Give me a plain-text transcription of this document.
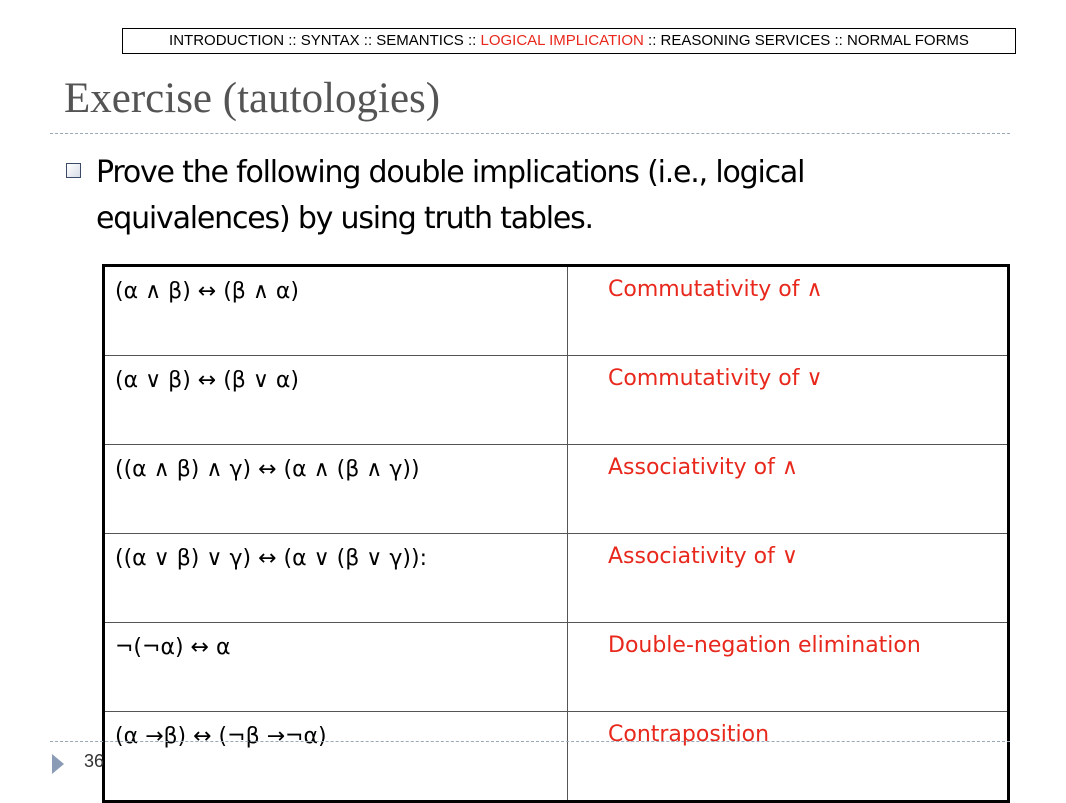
INTRODUCTION :: SYNTAX :: SEMANTICS :: LOGICAL IMPLICATION :: REASONING SERVICES :: NORMAL FORMS
Exercise (tautologies)
Prove the following double implications (i.e., logical equivalences) by using truth tables.
(α ∧ β) ↔ (β ∧ α)	Commutativity of ∧
(α ∨ β) ↔ (β ∨ α)	Commutativity of ∨
((α ∧ β) ∧ γ) ↔ (α ∧ (β ∧ γ))	Associativity of ∧
((α ∨ β) ∨ γ) ↔ (α ∨ (β ∨ γ)):	Associativity of ∨
¬(¬α) ↔ α	Double-negation elimination
(α →β) ↔ (¬β →¬α)	Contraposition
36
